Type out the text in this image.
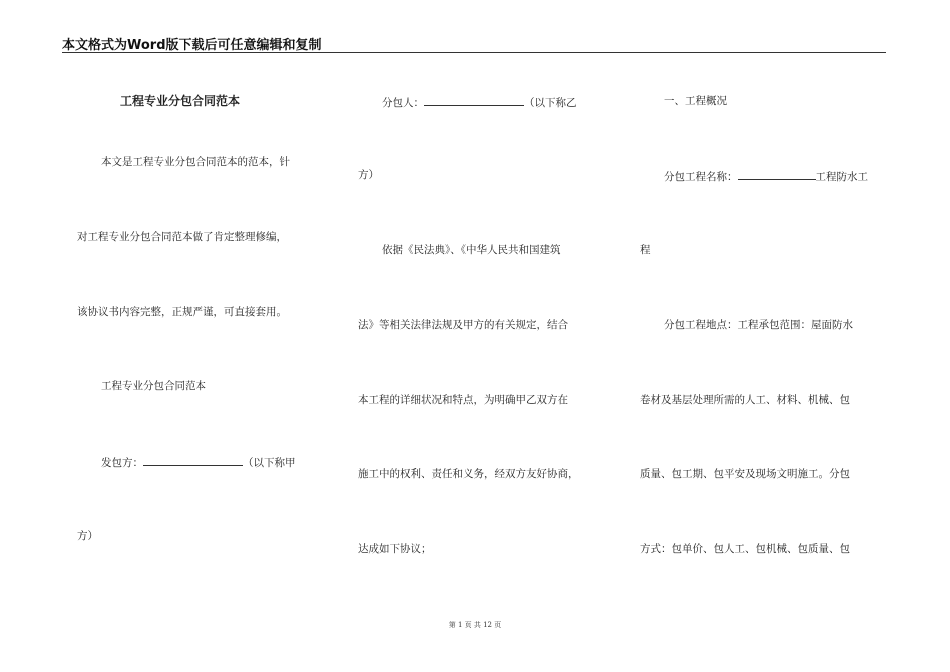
本文格式为Word版下载后可任意编辑和复制
工程专业分包合同范本
本文是工程专业分包合同范本的范本，针
对工程专业分包合同范本做了肯定整理修编，
该协议书内容完整，正规严谨，可直接套用。
工程专业分包合同范本
发包方：	（以下称甲
方）
分包人：	（以下称乙
方）
依据《民法典》、《中华人民共和国建筑
法》等相关法律法规及甲方的有关规定，结合
本工程的详细状况和特点，为明确甲乙双方在
施工中的权利、责任和义务，经双方友好协商，
达成如下协议；
一、工程概况
分包工程名称：	工程防水工
程
分包工程地点：工程承包范围：屋面防水
卷材及基层处理所需的人工、材料、机械、包
质量、包工期、包平安及现场文明施工。分包
方式：包单价、包人工、包机械、包质量、包
第 1 页 共 12 页
